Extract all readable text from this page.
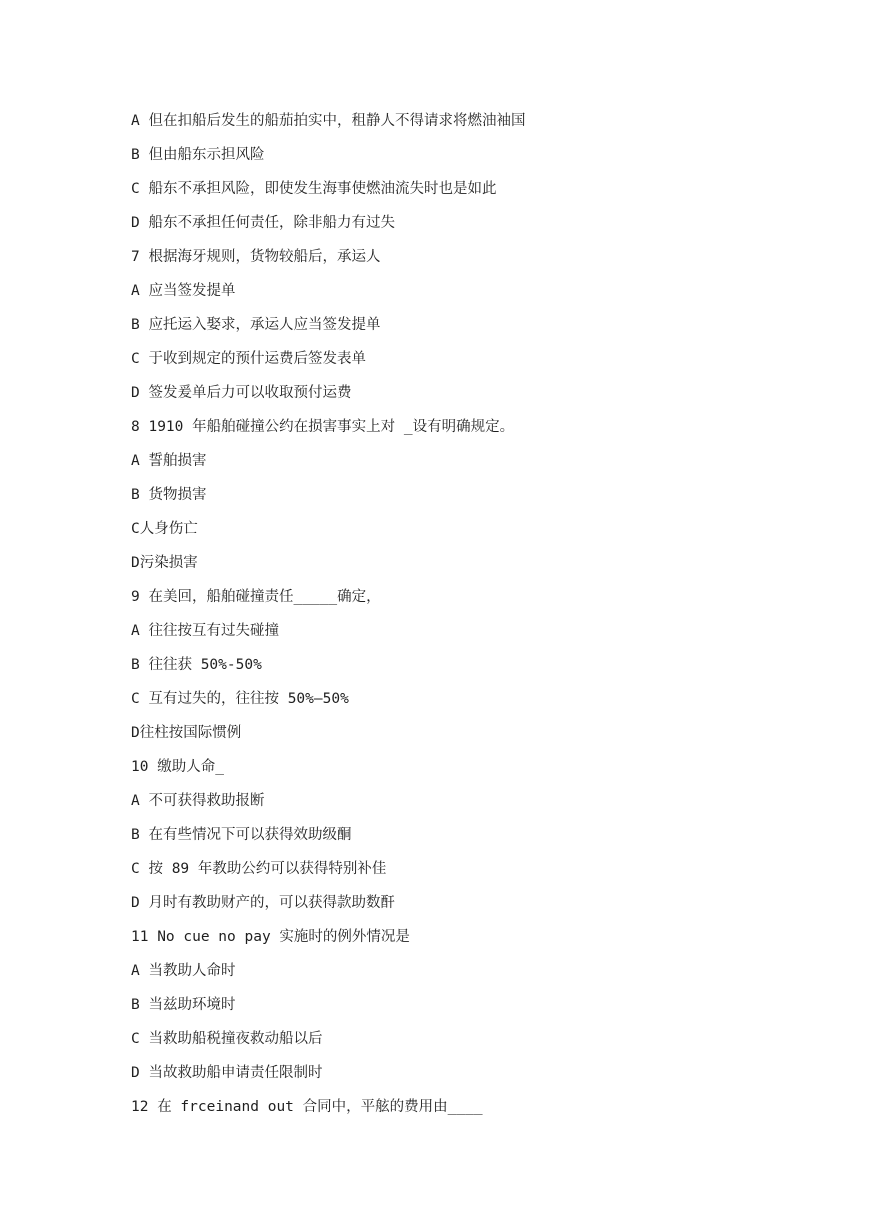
A 但在扣船后发生的船茄拍实中，租静人不得请求将燃油袖国
B 但由船东示担风险
C 船东不承担风险，即使发生海事使燃油流失时也是如此
D 船东不承担任何责任，除非船力有过失
7 根据海牙规则，货物较船后，承运人
A 应当签发提单
B 应托运入娶求，承运人应当签发提单
C 于收到规定的预什运费后签发表单
D 签发爰单后力可以收取预付运费
8 1910 年船舶碰撞公约在损害事实上对 _设有明确规定。
A 誓舶损害
B 货物损害
C人身伤亡
D污染损害
9 在美回，船舶碰撞责任_____确定，
A 往往按互有过失碰撞
B 往往获 50%-50%
C 互有过失的，往往按 50%—50%
D往柱按国际惯例
10 缴助人命_
A 不可获得救助报断
B 在有些情况下可以获得效助级酮
C 按 89 年教助公约可以获得特别补佳
D 月时有教助财产的，可以获得款助数酐
11 No cue no pay 实施时的例外情况是
A 当教助人命时
B 当兹助环境时
C 当救助船税撞夜救动船以后
D 当故救助船申请责任限制时
12 在 frceinand out 合同中，平舷的费用由____
